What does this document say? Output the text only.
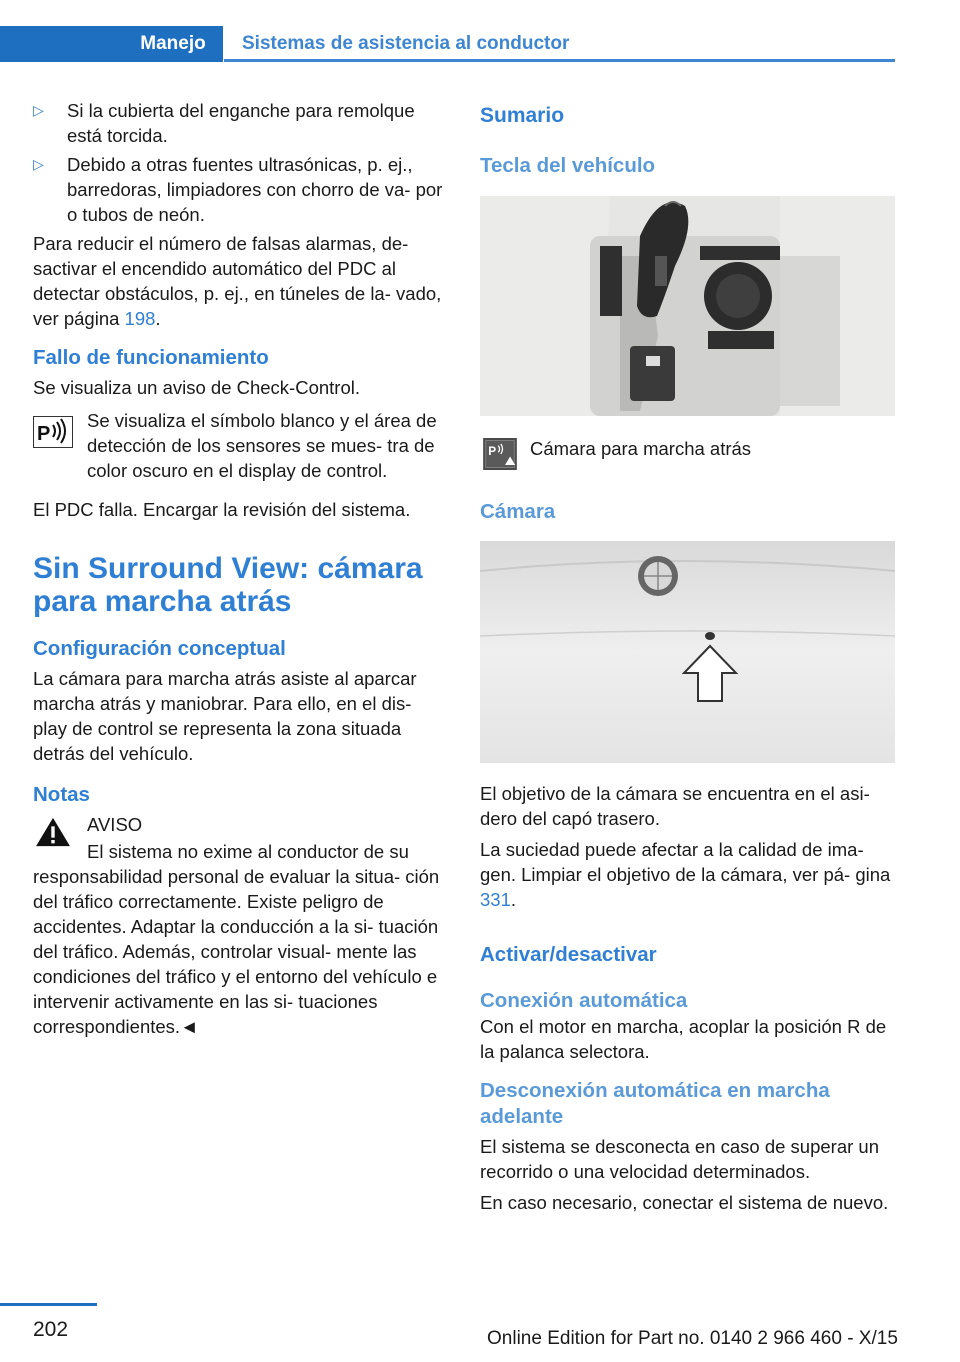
Manejo	Sistemas de asistencia al conductor
▷ Si la cubierta del enganche para remolque está torcida.
▷ Debido a otras fuentes ultrasónicas, p. ej., barredoras, limpiadores con chorro de va‐ por o tubos de neón.

Para reducir el número de falsas alarmas, de‐ sactivar el encendido automático del PDC al detectar obstáculos, p. ej., en túneles de la‐ vado, ver página 198.

Fallo de funcionamiento

Se visualiza un aviso de Check-Control.

P
Se visualiza el símbolo blanco y el área de detección de los sensores se mues‐ tra de color oscuro en el display de control.

El PDC falla. Encargar la revisión del sistema.

Sin Surround View: cámara para marcha atrás
Configuración conceptual

La cámara para marcha atrás asiste al aparcar marcha atrás y maniobrar. Para ello, en el dis‐ play de control se representa la zona situada detrás del vehículo.

Notas
AVISO

El sistema no exime al conductor de su responsabilidad personal de evaluar la situa‐ ción del tráfico correctamente. Existe peligro de accidentes. Adaptar la conducción a la si‐ tuación del tráfico. Además, controlar visual‐ mente las condiciones del tráfico y el entorno del vehículo e intervenir activamente en las si‐ tuaciones correspondientes.◄

Sumario
Tecla del vehículo
P Cámara para marcha atrás
Cámara

El objetivo de la cámara se encuentra en el asi‐ dero del capó trasero.

La suciedad puede afectar a la calidad de ima‐ gen. Limpiar el objetivo de la cámara, ver pá‐ gina 331.

Activar/desactivar
Conexión automática

Con el motor en marcha, acoplar la posición R de la palanca selectora.

Desconexión automática en marcha adelante

El sistema se desconecta en caso de superar un recorrido o una velocidad determinados.

En caso necesario, conectar el sistema de nuevo.

202	Online Edition for Part no. 0140 2 966 460 - X/15
